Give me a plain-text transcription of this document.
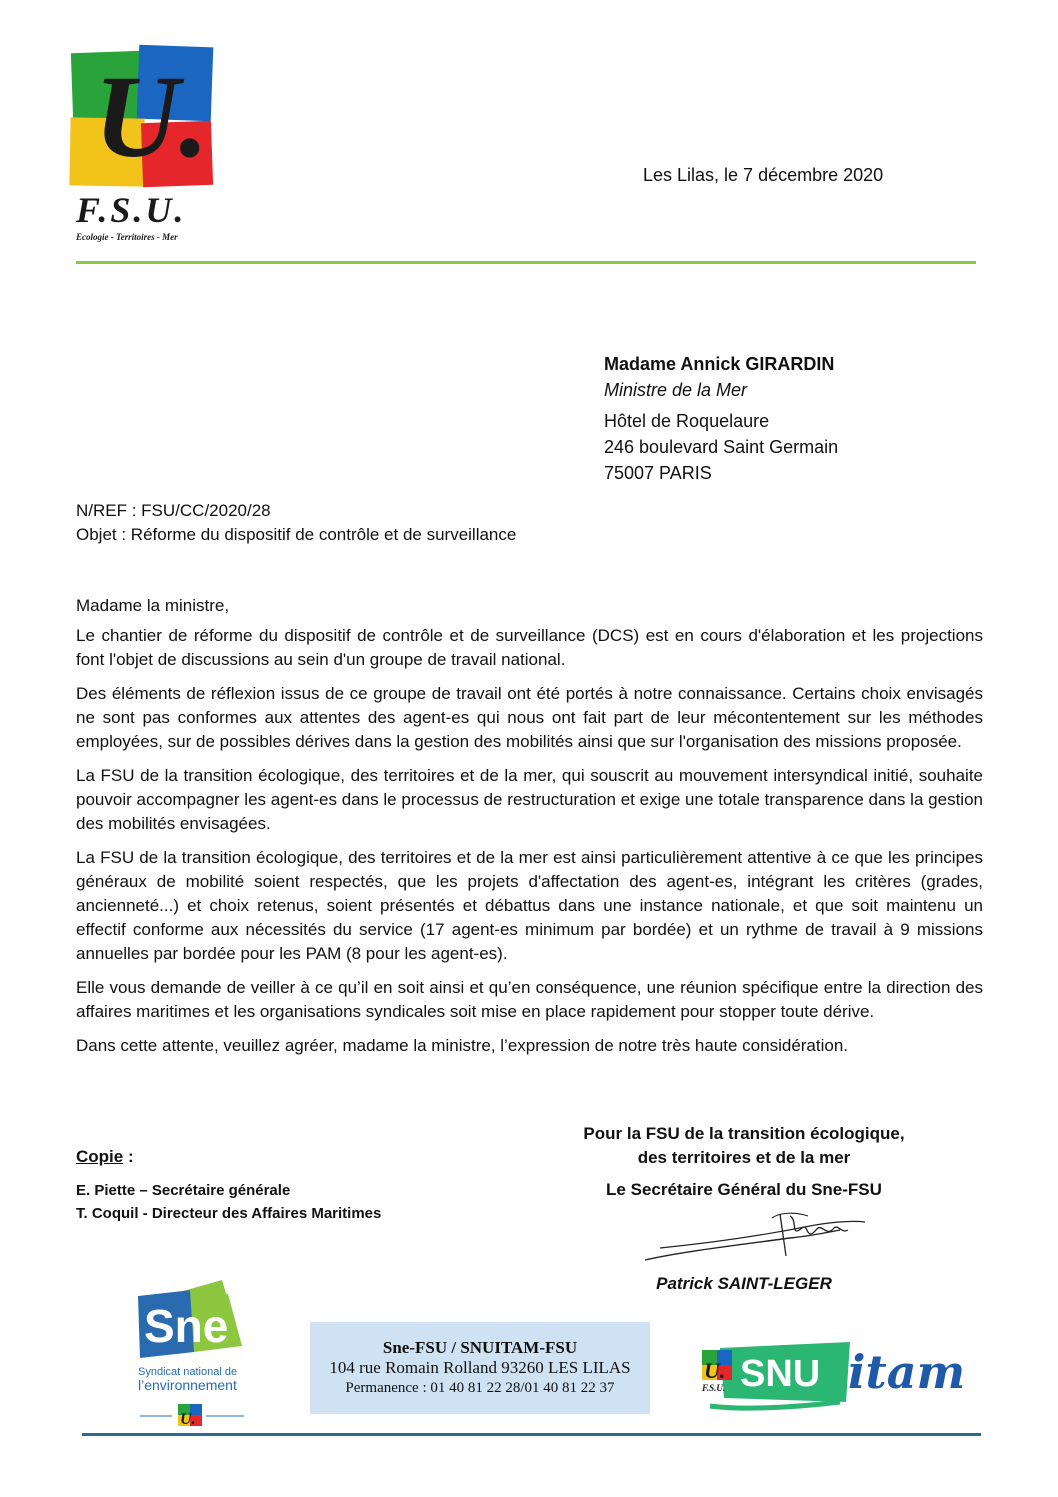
U.
F.S.U.
Ecologie - Territoires - Mer
Les Lilas, le 7 décembre 2020
Madame Annick GIRARDIN
Ministre de la Mer
Hôtel de Roquelaure
246 boulevard Saint Germain
75007 PARIS
N/REF : FSU/CC/2020/28
Objet : Réforme du dispositif de contrôle et de surveillance

Madame la ministre,

Le chantier de réforme du dispositif de contrôle et de surveillance (DCS) est en cours d'élaboration et les projections font l'objet de discussions au sein d'un groupe de travail national.

Des éléments de réflexion issus de ce groupe de travail ont été portés à notre connaissance. Certains choix envisagés ne sont pas conformes aux attentes des agent-es qui nous ont fait part de leur mécontentement sur les méthodes employées, sur de possibles dérives dans la gestion des mobilités ainsi que sur l'organisation des missions proposée.

La FSU de la transition écologique, des territoires et de la mer, qui souscrit au mouvement intersyndical initié, souhaite pouvoir accompagner les agent-es dans le processus de restructuration et exige une totale transparence dans la gestion des mobilités envisagées.

La FSU de la transition écologique, des territoires et de la mer est ainsi particulièrement attentive à ce que les principes généraux de mobilité soient respectés, que les projets d'affectation des agent-es, intégrant les critères (grades, ancienneté...) et choix retenus, soient présentés et débattus dans une instance nationale, et que soit maintenu un effectif conforme aux nécessités du service (17 agent-es minimum par bordée) et un rythme de travail à 9 missions annuelles par bordée pour les PAM (8 pour les agent-es).

Elle vous demande de veiller à ce qu’il en soit ainsi et qu’en conséquence, une réunion spécifique entre la direction des affaires maritimes et les organisations syndicales soit mise en place rapidement pour stopper toute dérive.

Dans cette attente, veuillez agréer, madame la ministre, l’expression de notre très haute considération.

Copie :
E. Piette – Secrétaire générale
T. Coquil - Directeur des Affaires Maritimes
Pour la FSU de la transition écologique,
des territoires et de la mer
Le Secrétaire Général du Sne-FSU
Patrick SAINT-LEGER
Sne
Syndicat national de
l’environnement
U.
Sne-FSU / SNUITAM-FSU
104 rue Romain Rolland 93260 LES LILAS
Permanence : 01 40 81 22 28/01 40 81 22 37
U.
F.S.U. SNU itam
